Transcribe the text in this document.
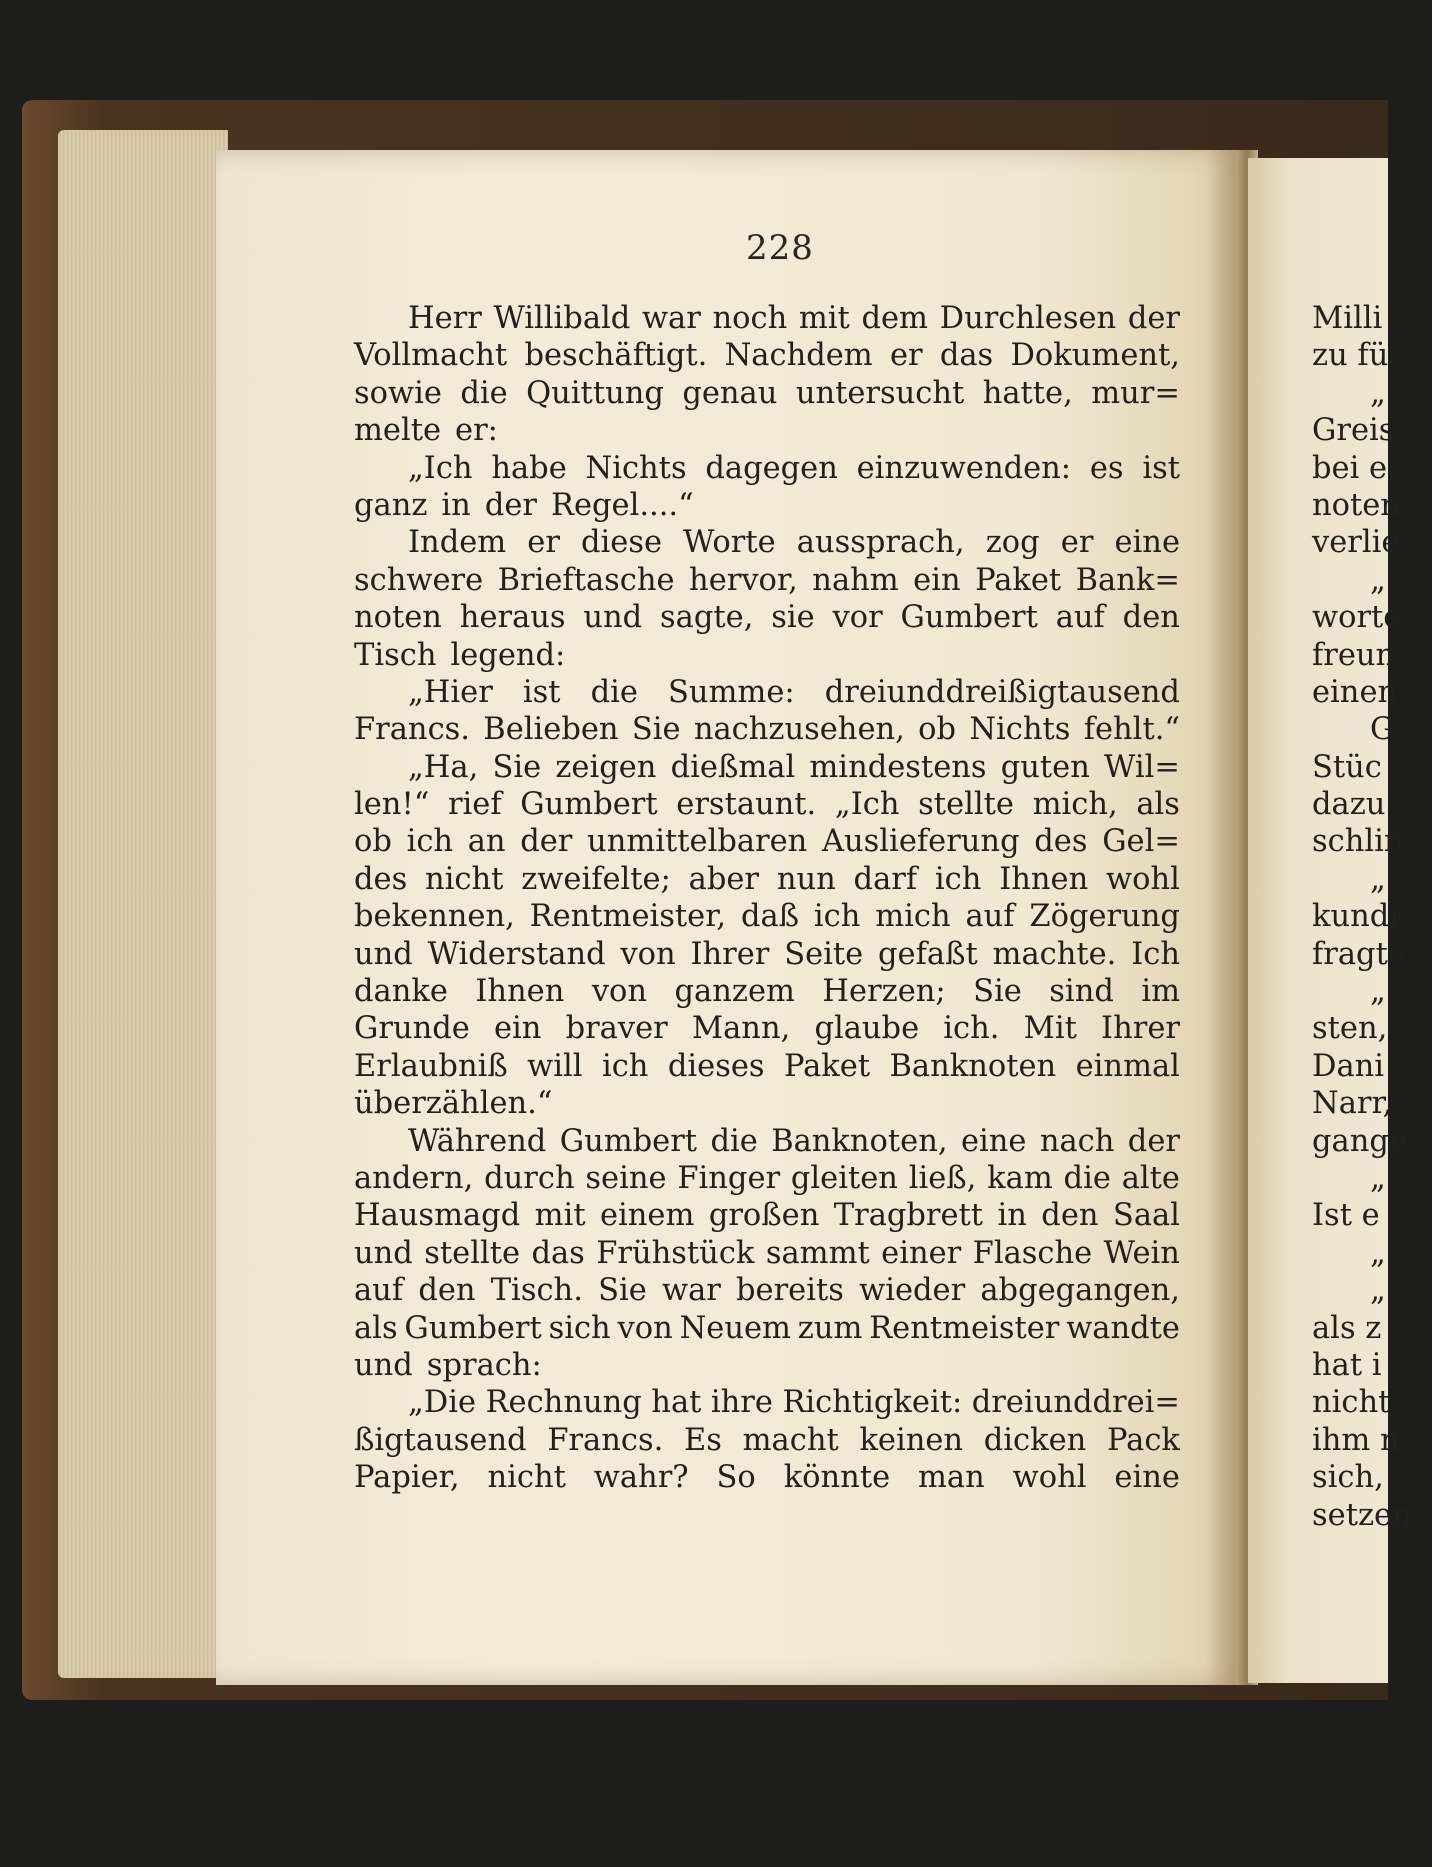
228
Herr Willibald war noch mit dem Durchlesen der
Vollmacht beschäftigt. Nachdem er das Dokument,
sowie die Quittung genau untersucht hatte, mur=
melte er:
„Ich habe Nichts dagegen einzuwenden: es ist
ganz in der Regel....“
Indem er diese Worte aussprach, zog er eine
schwere Brieftasche hervor, nahm ein Paket Bank=
noten heraus und sagte, sie vor Gumbert auf den
Tisch legend:
„Hier ist die Summe: dreiunddreißigtausend
Francs. Belieben Sie nachzusehen, ob Nichts fehlt.“
„Ha, Sie zeigen dießmal mindestens guten Wil=
len!“ rief Gumbert erstaunt. „Ich stellte mich, als
ob ich an der unmittelbaren Auslieferung des Gel=
des nicht zweifelte; aber nun darf ich Ihnen wohl
bekennen, Rentmeister, daß ich mich auf Zögerung
und Widerstand von Ihrer Seite gefaßt machte. Ich
danke Ihnen von ganzem Herzen; Sie sind im
Grunde ein braver Mann, glaube ich. Mit Ihrer
Erlaubniß will ich dieses Paket Banknoten einmal
überzählen.“
Während Gumbert die Banknoten, eine nach der
andern, durch seine Finger gleiten ließ, kam die alte
Hausmagd mit einem großen Tragbrett in den Saal
und stellte das Frühstück sammt einer Flasche Wein
auf den Tisch. Sie war bereits wieder abgegangen,
als Gumbert sich von Neuem zum Rentmeister wandte
und sprach:
„Die Rechnung hat ihre Richtigkeit: dreiunddrei=
ßigtausend Francs. Es macht keinen dicken Pack
Papier, nicht wahr? So könnte man wohl eine
Milli
zu fü
„
Greis
bei e
noten
verlie
„
worte
freun
einen
G
Stüc
dazu
schlin
„
kundi
fragte
„
sten,
Dani
Narr,
gange
„
Ist e
„
„
als z
hat i
nicht
ihm n
sich,
setzen
